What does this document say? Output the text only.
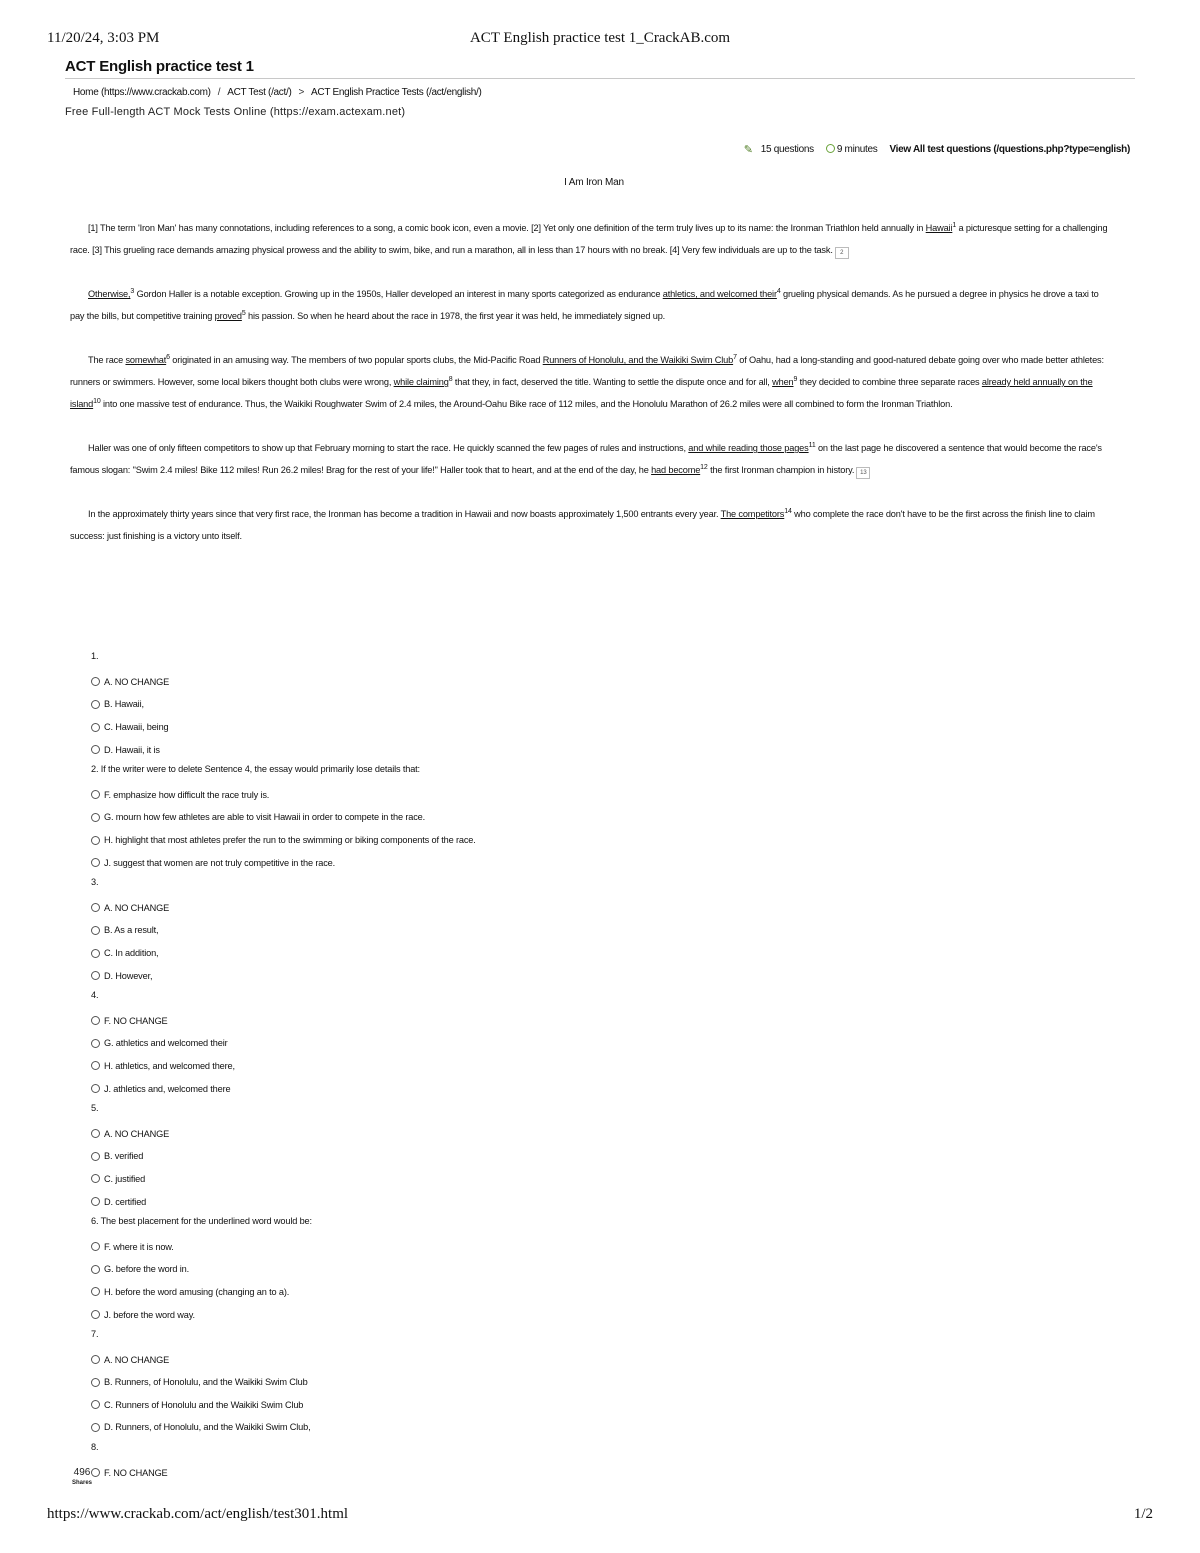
11/20/24, 3:03 PM	ACT English practice test 1_CrackAB.com
ACT English practice test 1
Home (https://www.crackab.com) / ACT Test (/act/) > ACT English Practice Tests (/act/english/)
Free Full-length ACT Mock Tests Online (https://exam.actexam.net)
✎ 15 questions	9 minutes View All test questions (/questions.php?type=english)
I Am Iron Man

[1] The term 'Iron Man' has many connotations, including references to a song, a comic book icon, even a movie. [2] Yet only one definition of the term truly lives up to its name: the Ironman Triathlon held annually in Hawaii$^1$ a picturesque setting for a challenging race. [3] This grueling race demands amazing physical prowess and the ability to swim, bike, and run a marathon, all in less than 17 hours with no break. [4] Very few individuals are up to the task. 2

Otherwise,$^3$ Gordon Haller is a notable exception. Growing up in the 1950s, Haller developed an interest in many sports categorized as endurance athletics, and welcomed their$^4$ grueling physical demands. As he pursued a degree in physics he drove a taxi to pay the bills, but competitive training proved$^5$ his passion. So when he heard about the race in 1978, the first year it was held, he immediately signed up.

The race somewhat$^6$ originated in an amusing way. The members of two popular sports clubs, the Mid-Pacific Road Runners of Honolulu, and the Waikiki Swim Club$^7$ of Oahu, had a long-standing and good-natured debate going over who made better athletes: runners or swimmers. However, some local bikers thought both clubs were wrong, while claiming$^8$ that they, in fact, deserved the title. Wanting to settle the dispute once and for all, when$^9$ they decided to combine three separate races already held annually on the island$^{10}$ into one massive test of endurance. Thus, the Waikiki Roughwater Swim of 2.4 miles, the Around-Oahu Bike race of 112 miles, and the Honolulu Marathon of 26.2 miles were all combined to form the Ironman Triathlon.

Haller was one of only fifteen competitors to show up that February morning to start the race. He quickly scanned the few pages of rules and instructions, and while reading those pages$^{11}$ on the last page he discovered a sentence that would become the race's famous slogan: "Swim 2.4 miles! Bike 112 miles! Run 26.2 miles! Brag for the rest of your life!" Haller took that to heart, and at the end of the day, he had become$^{12}$ the first Ironman champion in history. 13

In the approximately thirty years since that very first race, the Ironman has become a tradition in Hawaii and now boasts approximately 1,500 entrants every year. The competitors$^{14}$ who complete the race don't have to be the first across the finish line to claim success: just finishing is a victory unto itself.

1.
A. NO CHANGE
B. Hawaii,
C. Hawaii, being
D. Hawaii, it is
2. If the writer were to delete Sentence 4, the essay would primarily lose details that:
F. emphasize how difficult the race truly is.
G. mourn how few athletes are able to visit Hawaii in order to compete in the race.
H. highlight that most athletes prefer the run to the swimming or biking components of the race.
J. suggest that women are not truly competitive in the race.
3.
A. NO CHANGE
B. As a result,
C. In addition,
D. However,
4.
F. NO CHANGE
G. athletics and welcomed their
H. athletics, and welcomed there,
J. athletics and, welcomed there
5.
A. NO CHANGE
B. verified
C. justified
D. certified
6. The best placement for the underlined word would be:
F. where it is now.
G. before the word in.
H. before the word amusing (changing an to a).
J. before the word way.
7.
A. NO CHANGE
B. Runners, of Honolulu, and the Waikiki Swim Club
C. Runners of Honolulu and the Waikiki Swim Club
D. Runners, of Honolulu, and the Waikiki Swim Club,
8.
F. NO CHANGE
496
Shares
https://www.crackab.com/act/english/test301.html	1/2
